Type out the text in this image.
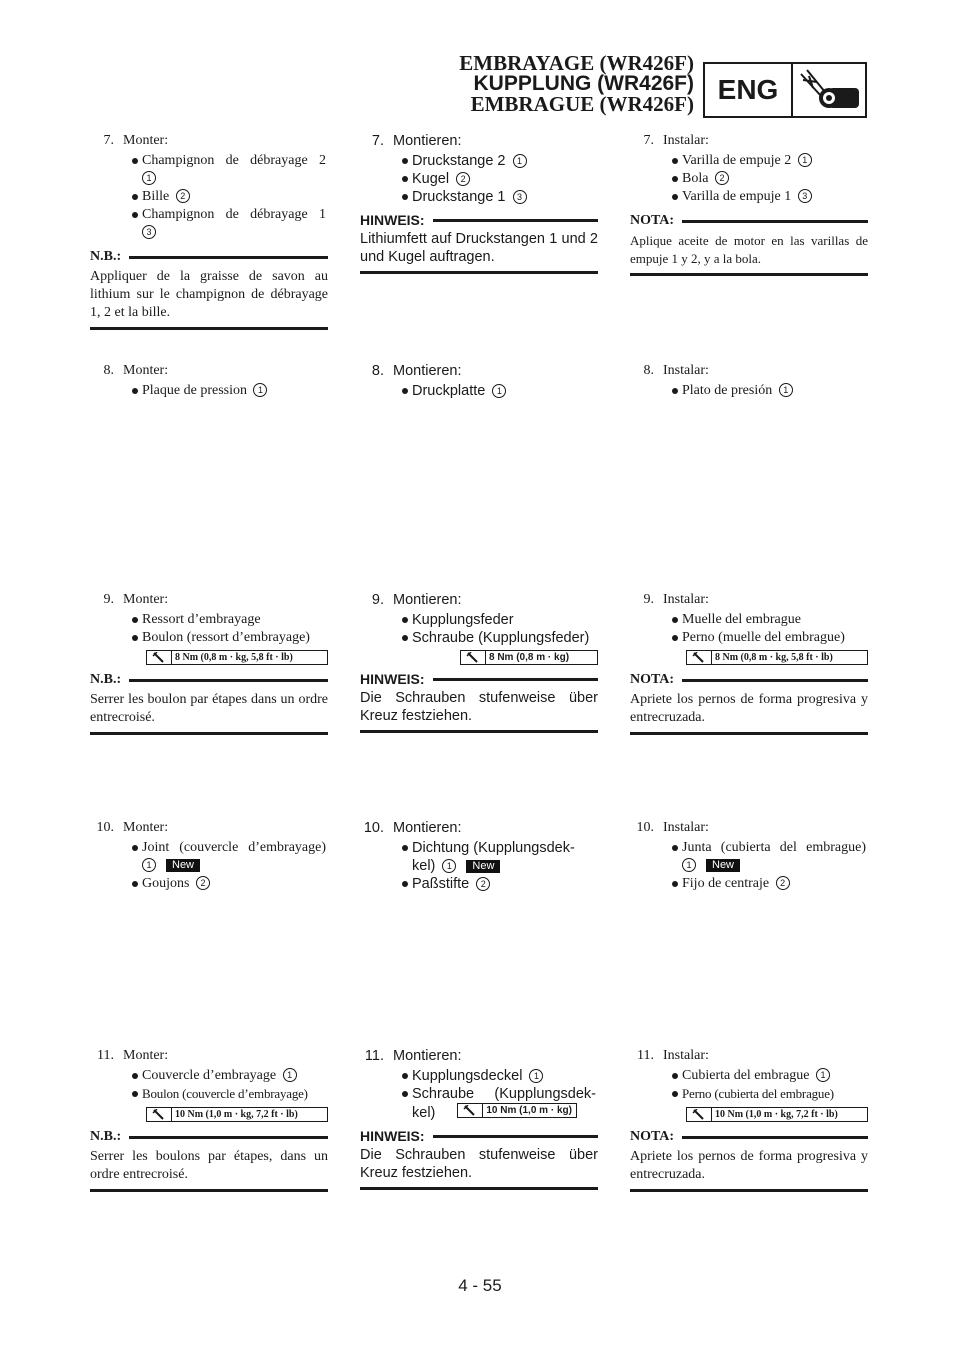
EMBRAYAGE (WR426F)
KUPPLUNG (WR426F)
EMBRAGUE (WR426F) ENG
7. Monter:
Champignon de débrayage 2
1
Bille 2
Champignon de débrayage 1
3
N.B.:
Appliquer de la graisse de savon au lithium sur le champignon de débrayage 1, 2 et la bille.
8. Monter:
Plaque de pression 1
9. Monter:
Ressort d’embrayage
Boulon (ressort d’embrayage)
8 Nm (0,8 m · kg, 5,8 ft · lb)
N.B.:
Serrer les boulon par étapes dans un ordre entrecroisé.
10. Monter:
Joint (couvercle d’embrayage)
1 New
Goujons 2
11. Monter:
Couvercle d’embrayage 1
Boulon (couvercle d’embrayage)
10 Nm (1,0 m · kg, 7,2 ft · lb)
N.B.:
Serrer les boulons par étapes, dans un ordre entrecroisé.
7. Montieren:
Druckstange 2 1
Kugel 2
Druckstange 1 3
HINWEIS:
Lithiumfett auf Druckstangen 1 und 2 und Kugel auftragen.
8. Montieren:
Druckplatte 1
9. Montieren:
Kupplungsfeder
Schraube (Kupplungsfeder)
8 Nm (0,8 m · kg)
HINWEIS:
Die Schrauben stufenweise über Kreuz festziehen.
10. Montieren:
Dichtung (Kupplungsdek-
kel) 1 New
Paßstifte 2
11. Montieren:
Kupplungsdeckel 1
Schraube (Kupplungsdek-
kel)	10 Nm (1,0 m · kg)
HINWEIS:
Die Schrauben stufenweise über Kreuz festziehen.
7. Instalar:
Varilla de empuje 2 1
Bola 2
Varilla de empuje 1 3
NOTA:
Aplique aceite de motor en las varillas de empuje 1 y 2, y a la bola.
8. Instalar:
Plato de presión 1
9. Instalar:
Muelle del embrague
Perno (muelle del embrague)
8 Nm (0,8 m · kg, 5,8 ft · lb)
NOTA:
Apriete los pernos de forma progresiva y entrecruzada.
10. Instalar:
Junta (cubierta del embrague)
1 New
Fijo de centraje 2
11. Instalar:
Cubierta del embrague 1
Perno (cubierta del embrague)
10 Nm (1,0 m · kg, 7,2 ft · lb)
NOTA:
Apriete los pernos de forma progresiva y entrecruzada.
4 - 55
